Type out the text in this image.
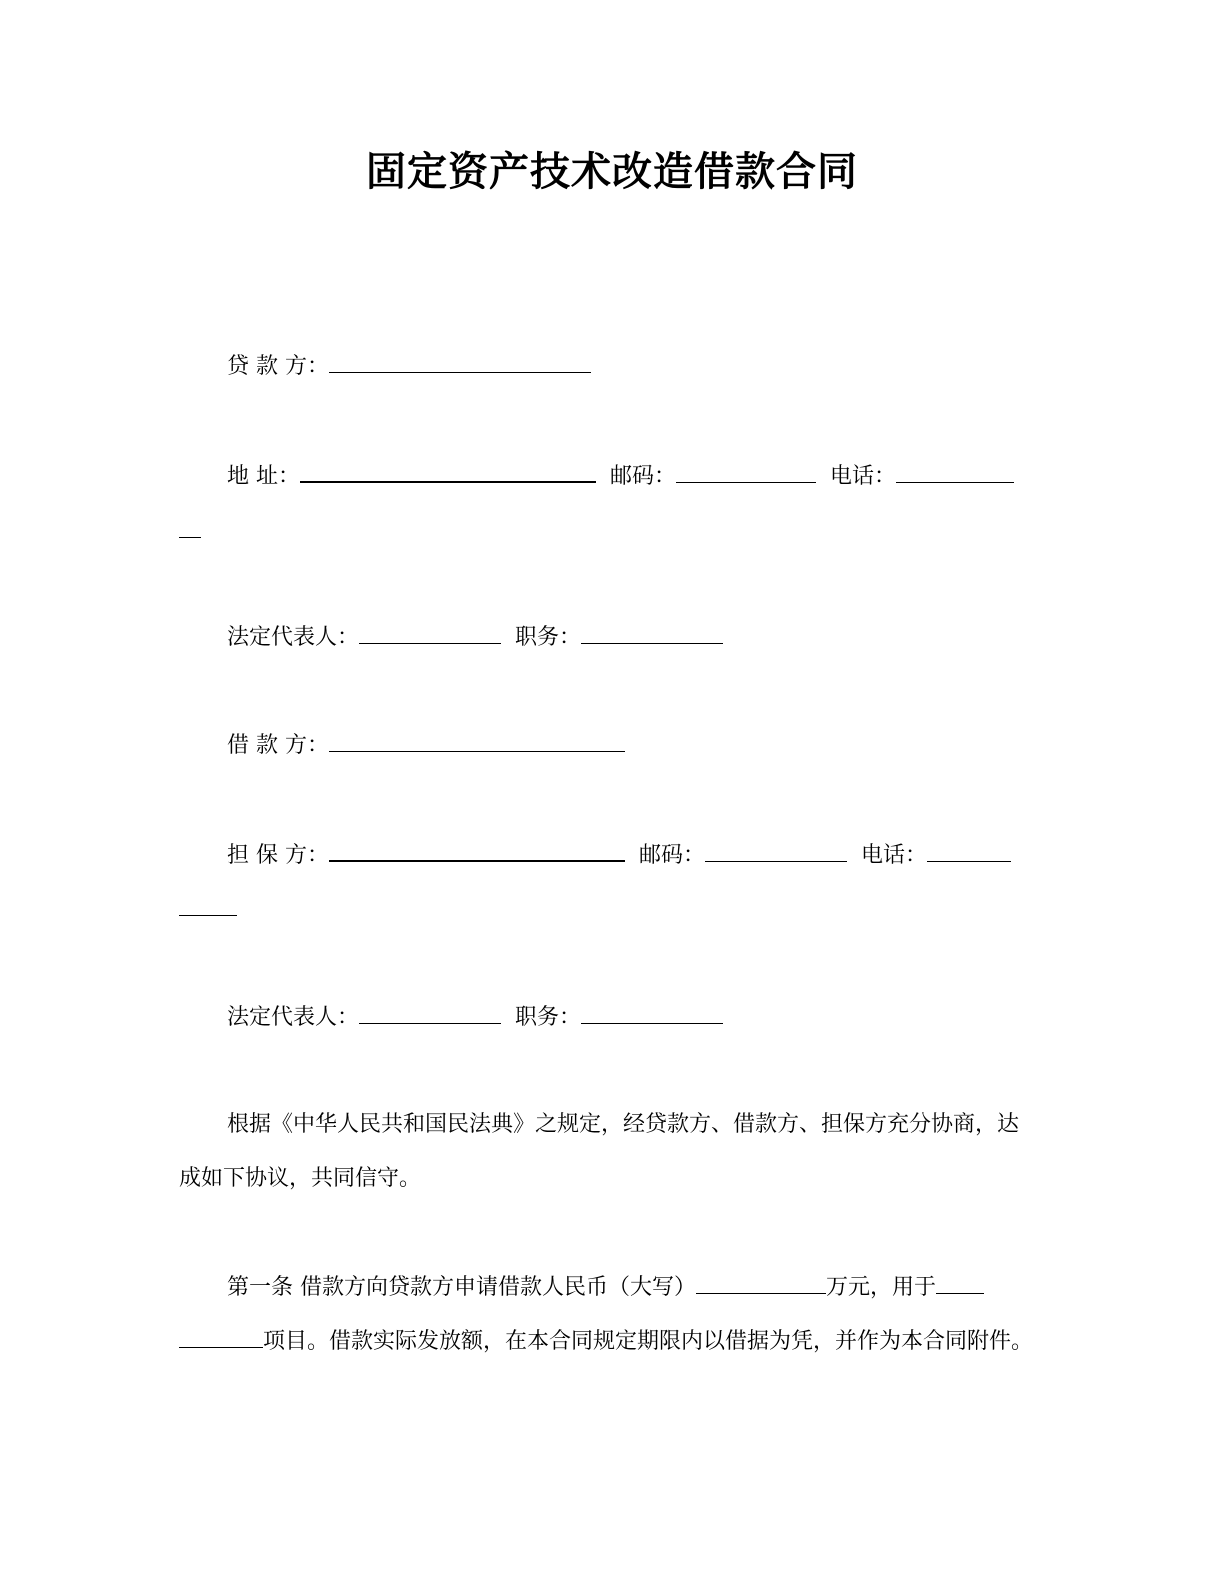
固定资产技术改造借款合同
贷 款 方：
地 址：	邮码：	电话：
法定代表人：	职务：
借 款 方：
担 保 方：	邮码：	电话：
法定代表人：	职务：
根据《中华人民共和国民法典》之规定，经贷款方、借款方、担保方充分协商，达成如下协议，共同信守。
第一条 借款方向贷款方申请借款人民币（大写）	万元，用于项目。借款实际发放额，在本合同规定期限内以借据为凭，并作为本合同附件。
